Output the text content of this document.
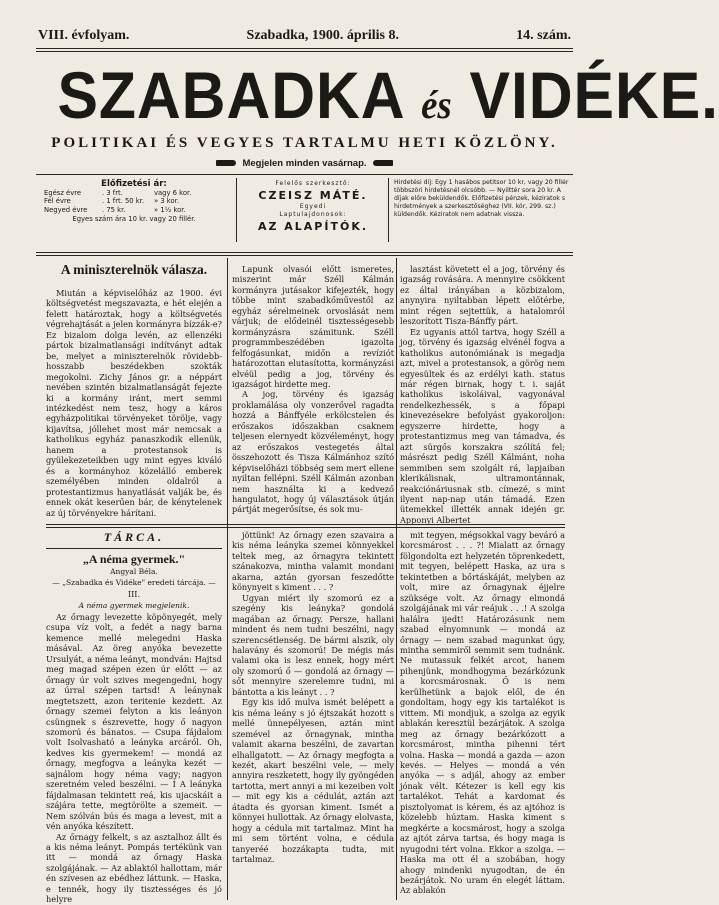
VIII. évfolyam.	Szabadka, 1900. április 8.	14. szám.
SZABADKA és VIDÉKE.
POLITIKAI ÉS VEGYES TARTALMU HETI KÖZLÖNY.
Megjelen minden vasárnap.
Előfizetési ár:
Egész évre	. 3 frt.	vagy 6 kor.
Fél évre	. 1 frt. 50 kr.	» 3 kor.
Negyed évre	. 75 kr.	» 1½ kor.
Egyes szám ára 10 kr. vagy 20 fillér.
Felelős szerkesztő:
CZEISZ MÁTÉ.
Egyedi
Laptulajdonosok:
AZ ALAPÍTÓK.
Hirdetési díj: Egy 1 hasábos petitsor 10 kr, vagy 20 fillér többszöri hirdetésnél olcsóbb. — Nyilttér sora 20 kr. A díjak előre beküldendők. Előfizetési pénzek, kéziratok s hirdetmények a szerkesztőséghez (VII. kör, 299. sz.) küldendők. Kéziratok nem adatnak vissza.
A miniszterelnök válasza.

Miután a képviselőház az 1900. évi költségvetést megszavazta, e hét elején a felett határoztak, hogy a költségvetés végrehajtását a jelen kormányra bízzák-e? Ez bizalom dolga levén, az ellenzéki pártok bizalmatlansági indítványt adtak be, melyet a miniszterelnök rövidebb-hosszabb beszédekben szokták megokolni. Zichy János gr. a néppárt nevében szintén bizalmatlanságát fejezte ki a kormány iránt, mert semmi intézkedést nem tesz, hogy a káros egyházpolitikai törvényeket törölje, vagy kijavítsa, jóllehet most már nemcsak a katholikus egyház panaszkodik ellenük, hanem a protestansok is gyülekezeteikben ugy mint egyes kiváló és a kormányhoz közelálló emberek személyében minden oldalról a protestantizmus hanyatlását valják be, és ennek okát keserűen bár, de kénytelenek az új törvényekre hárítani.

Lapunk olvasói előtt ismeretes, miszerint már Széll Kálmán kormányra jutásakor kifejezték, hogy többe mint szabadkőművestől az egyház sérelmeinek orvoslását nem várjuk; de elődeinél tisztességesebb kormányzásra számitunk. Széll programmbeszédében igazolta felfogásunkat, midőn a revíziót határozottan elutasította, kormányzási elvéül pedig a jog, törvény és igazságot hirdette meg.

A jog, törvény és igazság proklamálása oly vonzerővel ragadta hozzá a Bánffyéle erkölcstelen és erőszakos időszakban csaknem teljesen elernyedt közvéleményt, hogy az erőszakos vestegetés által összehozott és Tisza Kálmánhoz szító képviselőházi többség sem mert ellene nyiltan fellépni. Széll Kálmán azonban nem használta ki a kedvező hangulatot, hogy új választások útján pártját megerősítse, és sok mu-

lasztást követett el a jog, törvény és igazság rovására. A mennyire csökkent ez által irányában a közbizalom, anynyira nyiltabban lépett előtérbe, mint régen sejtettük, a hatalomról leszorított Tisza-Bánffy párt.

Ez ugyanis attól tartva, hogy Széll a jog, törvény és igazság elvénél fogva a katholikus autonómiának is megadja azt, mivel a protestansok, a görög nem egyesültek és az erdélyi kath. status már régen birnak, hogy t. i. saját katholikus iskoláival, vagyonával rendelkezhessék, s a főpapi kinevezésekre befolyást gyakoroljon: egyszerre hirdette, hogy a protestantizmus meg van támadva, és azt sürgős korszakra szólítá fel; másrészt pedig Széll Kálmánt, noha semmiben sem szolgált rá, lapjaiban klerikálisnak, ultramontánnak, reakciónáriusnak stb. címezé, s mint ilyent nap-nap után támadá. Ezen ütemekkel illették annak idején gr. Apponyi Albertet

TÁRCA.
„A néma gyermek."
Angyal Béla.
— „Szabadka és Vidéke" eredeti tárcája. —
III.
A néma gyermek megjelenik.

Az őrnagy levezette köpönyegét, mely csupa víz volt, a fedét a nagy barna kemence mellé melegedni Haska másával. Az öreg anyóka bevezette Ursulyát, a néma leányt, mondván: Hajtsd meg magad szépen ezen úr előtt — az őrnagy úr volt szives megengedni, hogy az úrral szépen tartsd! A leánynak megtetszett, azon teritenie kezdett. Az őrnagy szemei felyton a kis leányon csüngnek s észrevette, hogy ő nagyon szomorú és bánatos. — Csupa fájdalom volt Isolvasható a leányka arcáról. Oh, kedves kis gyermekem! — mondá az őrnagy, megfogva a leányka kezét — sajnálom hogy néma vagy; nagyon szeretném veled beszélni. — Í A leányka fájdalmasan tekintett reá, kis ujacskáit a szájára tette, megtörölte a szemeit. — Nem szólván bús és maga a levest, mit a vén anyóka készített.

Az őrnagy felkelt, s az asztalhoz állt és a kis néma leányt. Pompás tertékünk van itt — mondá az őrnagy Haska szolgájának. — Az ablaktól hallottam, már én szívesen az ebédhez láttunk. — Haska, e tennék, hogy ily tisztességes és jó helyre

jöttünk! Az őrnagy ezen szavaira a kis néma leányka szemei könnyekkel teltek meg, az őrnagyra tekintett szánakozva, mintha valamit mondani akarna, aztán gyorsan feszedőtte könynyeit s kiment . . . ?

Ugyan miért ily szomorú ez a szegény kis leányka? gondolá magában az őrnagy. Persze, hallani mindent és nem tudni beszélni, nagy szerencsétlenség. De bármi alszik, oly halavány és szomorú! De mégis más valami oka is lesz ennek, hogy mért oly szomorú ő — gondolá az őrnagy — sőt mennyire szerelemre tudni, mi bántotta a kis leányt . . ?

Egy kis idő mulva ismét belépett a kis néma leány s jó éjtszakát hozott s mellé ünnepélyesen, aztán mint szemével az őrnagynak, mintha valamit akarna beszélni, de zavartan elhallgatott. — Az őrnagy megfogta a kezét, akart beszélni vele, — mely annyira reszketett, hogy ily gyöngéden tartotta, mert annyi a mi kezeiben volt — mit egy kis a cédulát, aztán azt átadta és gyorsan kiment. Ismét a könnyei hullottak. Az őrnagy elolvasta, hogy a cédula mit tartalmaz. Mint ha mi sem történt volna, e cédula tanyeréé hozzákapta tudta, mit tartalmaz.

mit tegyen, mégsokkal vagy beváró a korcsmárost . . . ?! Mialatt az őrnagy fölgondolta ezt helyzetén töprenkedett, mit tegyen, belépett Haska, az ura s tekintetben a bőrtáskáját, melyben az volt, mire az őrnagynak éjjelre szüksége volt. Az őrnagy elmondá szolgájának mi vár reájuk . . .! A szolga halálra ijedt! Határozásunk nem szabad elnyomnunk — mondá az őrnagy — nem szabad magunkat úgy, mintha semmiről semmit sem tudnánk. Ne mutassuk felkét arcot, hanem pihenjünk, mondhogyma bezárkózunk a korcsmárosnak. Ő is nem kerülhetünk a bajok elől, de én gondoltam, hogy egy kis tartalékot is vittem. Mi mondjuk, a szolga az egyik ablakán keresztül bezárjátok. A szolga meg az őrnagy bezárkózott a korcsmárost, mintha pihenni tért volna. Haska — mondá a gazda — azon kevés. — Helyes — mondá a vén anyóka — s adjál, ahogy az ember jónak vélt. Kétezer is kell egy kis tartalékot. Tehát a kardomat és pisztolyomat is kérem, és az ajtóhoz is közelebb húztam. Haska kiment s megkérte a kocsmárost, hogy a szolga az ajtót zárva tartsa, és hogy maga is nyugodni tért volna. Ekkor a szolga. — Haska ma ott él a szobában, hogy ahogy mindenki nyugodtan, de én bezárjátok. No uram én elegét láttam. Az ablakón
